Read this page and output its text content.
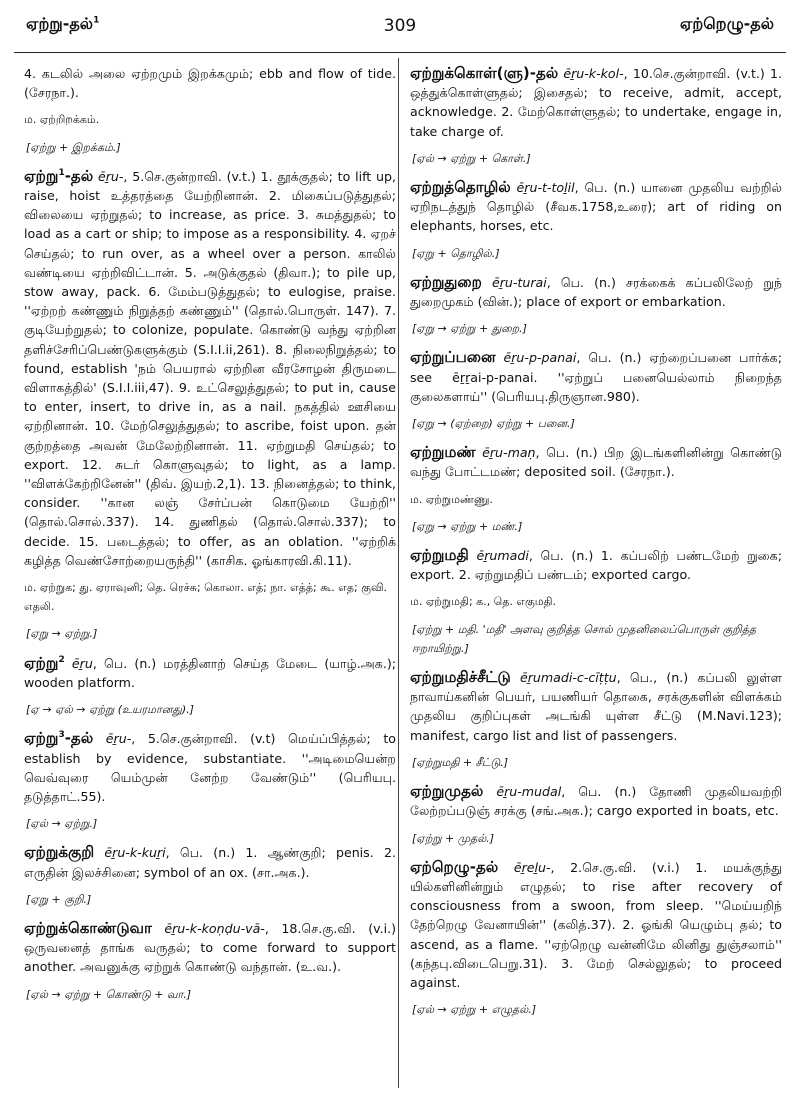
ஏற்று-தல்$^1$	309	ஏற்றெழு-தல்
4. கடலில் அலை ஏற்றமும் இறக்கமும்; ebb and flow of tide. (சேரநா.).
ம. ஏற்றிறக்கம்.
[ஏற்று + இறக்கம்.]
ஏற்று$^1$-தல் ēṟu-, 5.செ.குன்றாவி. (v.t.) 1. தூக்குதல்; to lift up, raise, hoist உத்தரத்தை யேற்றினான். 2. மிகைப்படுத்துதல்; விலையை ஏற்றுதல்; to increase, as price. 3. சுமத்துதல்; to load as a cart or ship; to impose as a responsibility. 4. ஏறச் செய்தல்; to run over, as a wheel over a person. காலில் வண்டியை ஏற்றிவிட்டான். 5. அடுக்குதல் (திவா.); to pile up, stow away, pack. 6. மேம்படுத்துதல்; to eulogise, praise. ''ஏற்றற் கண்ணும் நிறுத்தற் கண்ணும்'' (தொல்.பொருள். 147). 7. குடியேற்றுதல்; to colonize, populate. கொண்டு வந்து ஏற்றின தளிச்சேரிப்பெண்டுகளுக்கும் (S.I.I.ii,261). 8. நிலைநிறுத்தல்; to found, establish 'நம் பெயரால் ஏற்றின வீரசோழன் திருமடை விளாகத்தில்' (S.I.I.iii,47). 9. உட்செலுத்துதல்; to put in, cause to enter, insert, to drive in, as a nail. நகத்தில் ஊசியை ஏற்றினான். 10. மேற்செலுத்துதல்; to ascribe, foist upon. தன் குற்றத்தை அவன் மேலேற்றினான். 11. ஏற்றுமதி செய்தல்; to export. 12. சுடர் கொளுவுதல்; to light, as a lamp. ''விளக்கேற்றினேன்'' (திவ். இயற்.2,1). 13. நினைத்தல்; to think, consider. ''கான லஞ் சேர்ப்பன் கொடுமை யேற்றி'' (தொல்.சொல்.337). 14. துணிதல் (தொல்.சொல்.337); to decide. 15. படைத்தல்; to offer, as an oblation. ''ஏற்றிக் கழித்த வெண்சோற்றையருந்தி'' (காசிக. ஓங்காரவி.கி.11).
ம. ஏற்றுக; து. ஏராவுனி; தெ. ரெச்சு; கொலா. எத்; நா. எத்த்; கூ. எத; குவி. எதலி.
[ஏறு → ஏற்று.]
ஏற்று$^2$ ēṟu, பெ. (n.) மரத்தினாற் செய்த மேடை (யாழ்.அக.); wooden platform.
[ஏ → ஏல் → ஏற்று (உயரமானது).]
ஏற்று$^3$-தல் ēṟu-, 5.செ.குன்றாவி. (v.t) மெய்ப்பித்தல்; to establish by evidence, substantiate. ''அடிமையென்ற வெவ்வுரை யெம்முன் னேற்ற வேண்டும்'' (பெரியபு. தடுத்தாட்.55).
[ஏல் → ஏற்று.]
ஏற்றுக்குறி ēṟu-k-kuṟi, பெ. (n.) 1. ஆண்குறி; penis. 2. எருதின் இலச்சினை; symbol of an ox. (சா.அக.).
[ஏறு + குறி.]
ஏற்றுக்கொண்டுவா ēṟu-k-koṇḍu-vā-, 18.செ.கு.வி. (v.i.) ஒருவனைத் தாங்க வருதல்; to come forward to support another. அவனுக்கு ஏற்றுக் கொண்டு வந்தான். (உ.வ.).
[ஏல் → ஏற்று + கொண்டு + வா.]
ஏற்றுக்கொள்(ளு)-தல் ēṟu-k-kol-, 10.செ.குன்றாவி. (v.t.) 1. ஒத்துக்கொள்ளுதல்; இசைதல்; to receive, admit, accept, acknowledge. 2. மேற்கொள்ளுதல்; to undertake, engage in, take charge of.
[ஏல் → ஏற்று + கொள்.]
ஏற்றுத்தொழில் ēṟu-t-toḻil, பெ. (n.) யானை முதலிய வற்றில் ஏறிநடத்துந் தொழில் (சீவக.1758,உரை); art of riding on elephants, horses, etc.
[ஏறு + தொழில்.]
ஏற்றுதுறை ēṟu-turai, பெ. (n.) சரக்கைக் கப்பலிலேற் றுந் துறைமுகம் (வின்.); place of export or embarkation.
[ஏறு → ஏற்று + துறை.]
ஏற்றுப்பனை ēṟu-p-panai, பெ. (n.) ஏற்றைப்பனை பார்க்க; see ēṟṟai-p-panai. ''ஏற்றுப் பனையெல்லாம் நிறைந்த குலைகளாய்'' (பெரியபு.திருஞான.980).
[ஏறு → (ஏற்றை) ஏற்று + பனை.]
ஏற்றுமண் ēṟu-maṇ, பெ. (n.) பிற இடங்களினின்று கொண்டு வந்து போட்டமண்; deposited soil. (சேரநா.).
ம. ஏற்றுமண்ணு.
[ஏறு → ஏற்று + மண்.]
ஏற்றுமதி ēṟumadi, பெ. (n.) 1. கப்பலிற் பண்டமேற் றுகை; export. 2. ஏற்றுமதிப் பண்டம்; exported cargo.
ம. ஏற்றுமதி; க., தெ. எகுமதி.
[ஏற்று + மதி. 'மதி' அளவு குறித்த சொல் முதனிலைப்பொருள் குறித்த ஈறாயிற்று.]
ஏற்றுமதிச்சீட்டு ēṟumadi-c-cīṭṭu, பெ., (n.) கப்பலி லுள்ள நாவாய்கனின் பெயர், பயணியர் தொகை, சரக்குகளின் விளக்கம் முதலிய குறிப்புகள் அடங்கி யுள்ள சீட்டு (M.Navi.123); manifest, cargo list and list of passengers.
[ஏற்றுமதி + சீட்டு.]
ஏற்றுமுதல் ēṟu-mudal, பெ. (n.) தோணி முதலியவற்றி லேற்றப்படுஞ் சரக்கு (சங்.அக.); cargo exported in boats, etc.
[ஏற்று + முதல்.]
ஏற்றெழு-தல் ēṟeḻu-, 2.செ.கு.வி. (v.i.) 1. மயக்குந்து யில்களினின்றும் எழுதல்; to rise after recovery of consciousness from a swoon, from sleep. ''மெய்யறிந் தேற்றெழு வேனாயின்'' (கலித்.37). 2. ஓங்கி யெழும்பு தல்; to ascend, as a flame. ''ஏற்றெழு வன்னிமே லினிது துஞ்சலாம்'' (கந்தபு.விடைபெறு.31). 3. மேற் செல்லுதல்; to proceed against.
[ஏல் → ஏற்று + எழுதல்.]
